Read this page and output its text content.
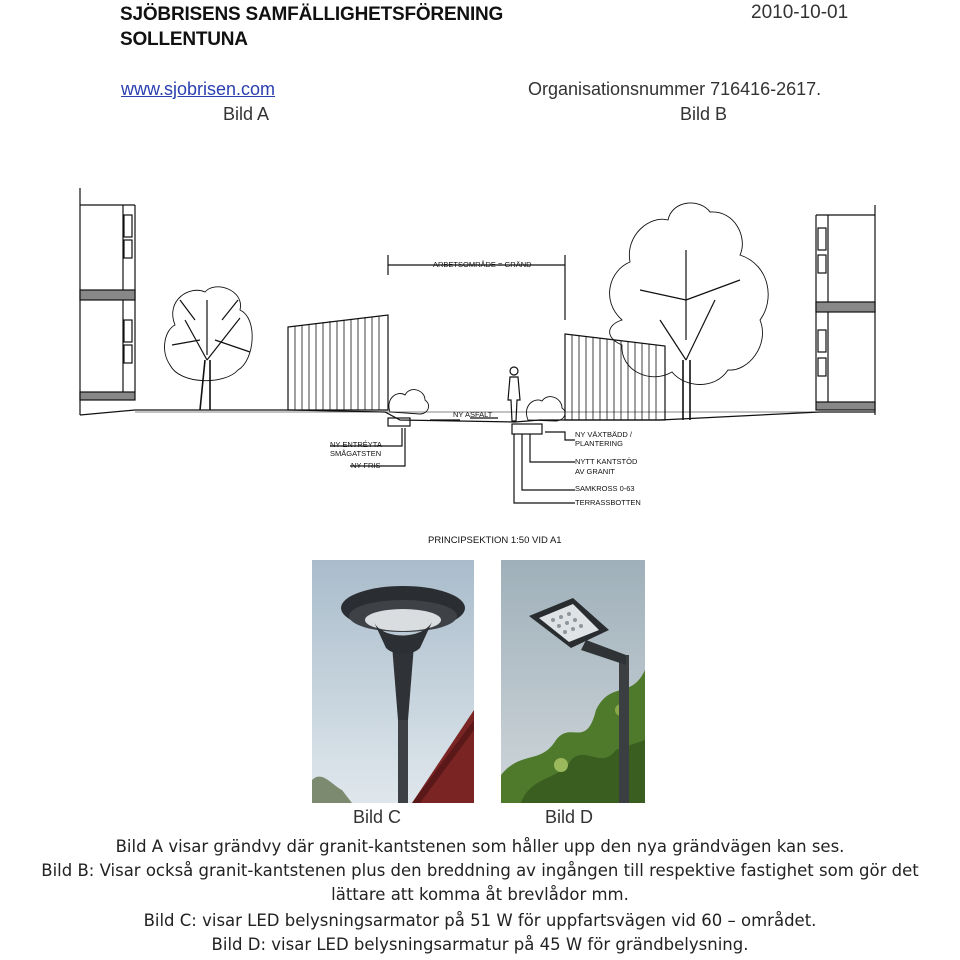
SJÖBRISENS SAMFÄLLIGHETSFÖRENING
SOLLENTUNA
2010-10-01
www.sjobrisen.com	Organisationsnummer 716416-2617.
Bild A	Bild B
ARBETSOMRÅDE = GRÄND
NY ASFALT
NY ENTRÉYTA
SMÅGATSTEN
NY FRIS
NY VÄXTBÄDD /
PLANTERING
NYTT KANTSTÖD
AV GRANIT
SAMKROSS 0-63
TERRASSBOTTEN
PRINCIPSEKTION 1:50 VID A1
Bild C	Bild D
Bild A visar grändvy där granit-kantstenen som håller upp den nya grändvägen kan ses.
Bild B: Visar också granit-kantstenen plus den breddning av ingången till respektive fastighet som gör det
lättare att komma åt brevlådor mm.
Bild C: visar LED belysningsarmator på 51 W för uppfartsvägen vid 60 – området.
Bild D: visar LED belysningsarmatur på 45 W för grändbelysning.
